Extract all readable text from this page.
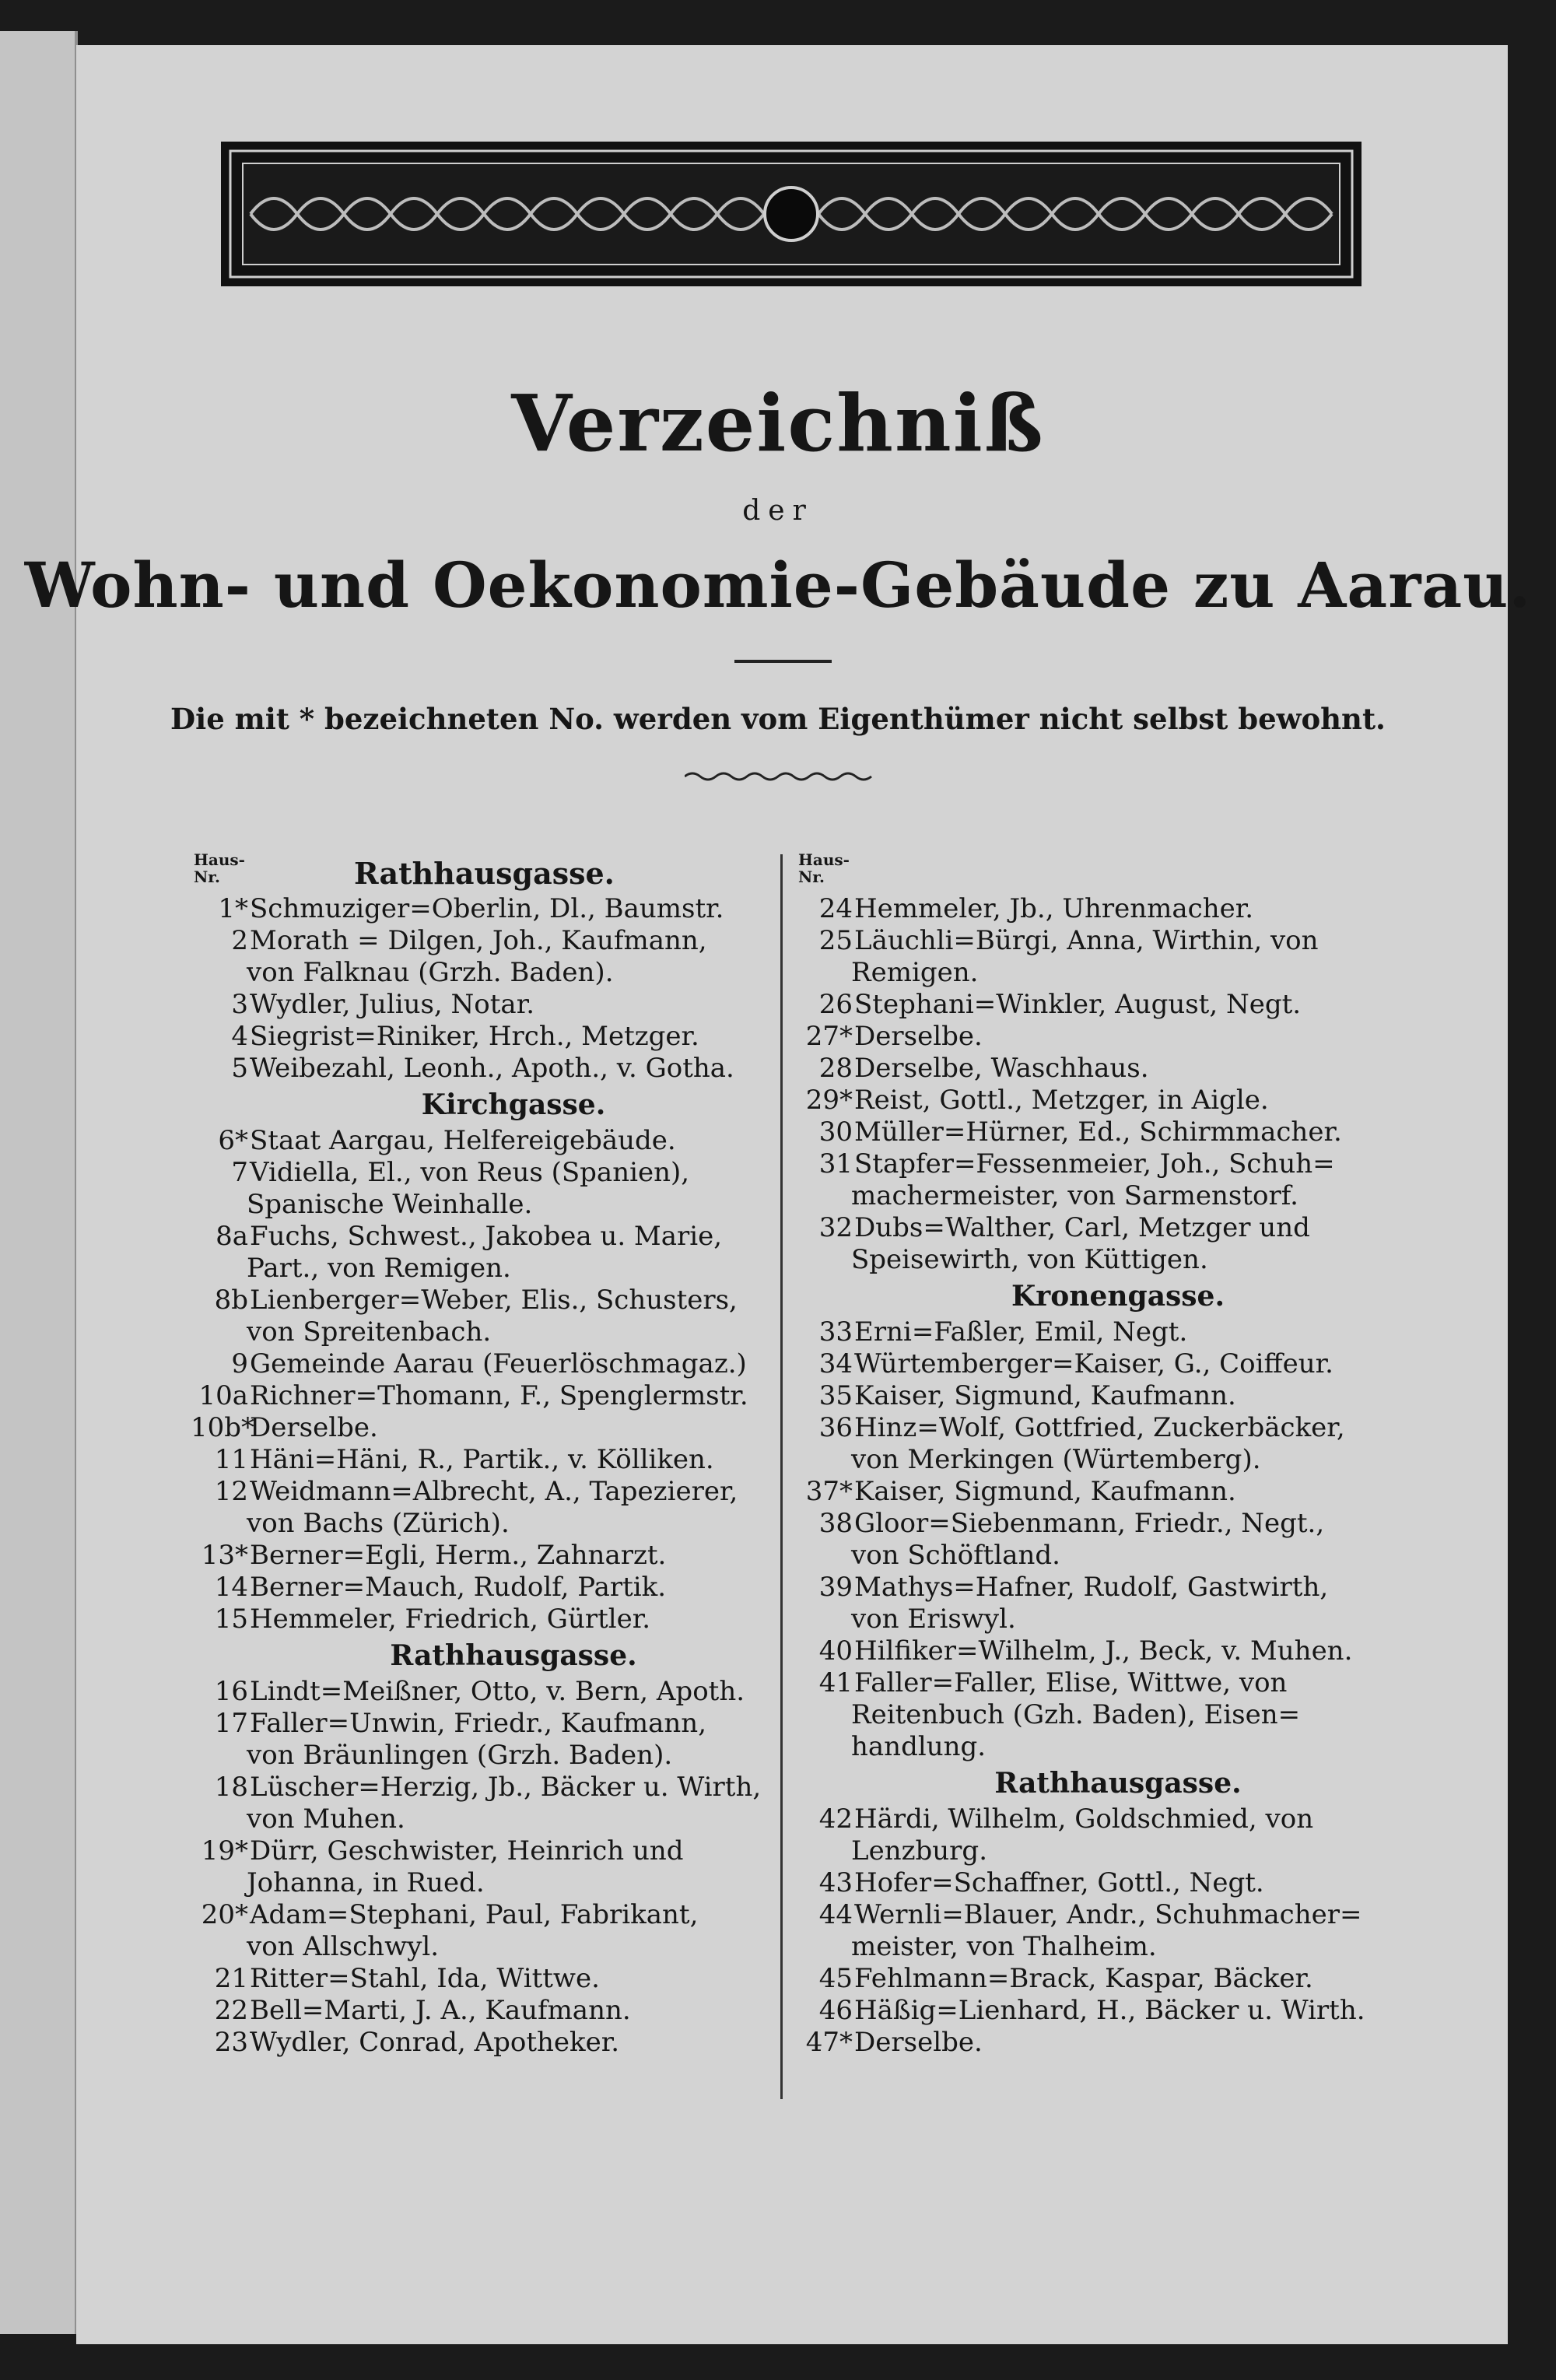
Verzeichniß
der
Wohn- und Oekonomie-Gebäude zu Aarau.
Die mit * bezeichneten No. werden vom Eigenthümer nicht selbst bewohnt.
Haus-
Nr.	Rathhausgasse.
1*Schmuziger=Oberlin, Dl., Baumstr.
2Morath = Dilgen, Joh., Kaufmann,
von Falknau (Grzh. Baden).
3Wydler, Julius, Notar.
4Siegrist=Riniker, Hrch., Metzger.
5Weibezahl, Leonh., Apoth., v. Gotha.
Kirchgasse.
6*Staat Aargau, Helfereigebäude.
7Vidiella, El., von Reus (Spanien),
Spanische Weinhalle.
8aFuchs, Schwest., Jakobea u. Marie,
Part., von Remigen.
8bLienberger=Weber, Elis., Schusters,
von Spreitenbach.
9Gemeinde Aarau (Feuerlöschmagaz.)
10aRichner=Thomann, F., Spenglermstr.
10b*Derselbe.
11Häni=Häni, R., Partik., v. Kölliken.
12Weidmann=Albrecht, A., Tapezierer,
von Bachs (Zürich).
13*Berner=Egli, Herm., Zahnarzt.
14Berner=Mauch, Rudolf, Partik.
15Hemmeler, Friedrich, Gürtler.
Rathhausgasse.
16Lindt=Meißner, Otto, v. Bern, Apoth.
17Faller=Unwin, Friedr., Kaufmann,
von Bräunlingen (Grzh. Baden).
18Lüscher=Herzig, Jb., Bäcker u. Wirth,
von Muhen.
19*Dürr, Geschwister, Heinrich und
Johanna, in Rued.
20*Adam=Stephani, Paul, Fabrikant,
von Allschwyl.
21Ritter=Stahl, Ida, Wittwe.
22Bell=Marti, J. A., Kaufmann.
23Wydler, Conrad, Apotheker.
Haus-
Nr.
24Hemmeler, Jb., Uhrenmacher.
25Läuchli=Bürgi, Anna, Wirthin, von
Remigen.
26Stephani=Winkler, August, Negt.
27*Derselbe.
28Derselbe, Waschhaus.
29*Reist, Gottl., Metzger, in Aigle.
30Müller=Hürner, Ed., Schirmmacher.
31Stapfer=Fessenmeier, Joh., Schuh=
machermeister, von Sarmenstorf.
32Dubs=Walther, Carl, Metzger und
Speisewirth, von Küttigen.
Kronengasse.
33Erni=Faßler, Emil, Negt.
34Würtemberger=Kaiser, G., Coiffeur.
35Kaiser, Sigmund, Kaufmann.
36Hinz=Wolf, Gottfried, Zuckerbäcker,
von Merkingen (Würtemberg).
37*Kaiser, Sigmund, Kaufmann.
38Gloor=Siebenmann, Friedr., Negt.,
von Schöftland.
39Mathys=Hafner, Rudolf, Gastwirth,
von Eriswyl.
40Hilfiker=Wilhelm, J., Beck, v. Muhen.
41Faller=Faller, Elise, Wittwe, von
Reitenbuch (Gzh. Baden), Eisen=
handlung.
Rathhausgasse.
42Härdi, Wilhelm, Goldschmied, von
Lenzburg.
43Hofer=Schaffner, Gottl., Negt.
44Wernli=Blauer, Andr., Schuhmacher=
meister, von Thalheim.
45Fehlmann=Brack, Kaspar, Bäcker.
46Häßig=Lienhard, H., Bäcker u. Wirth.
47*Derselbe.
